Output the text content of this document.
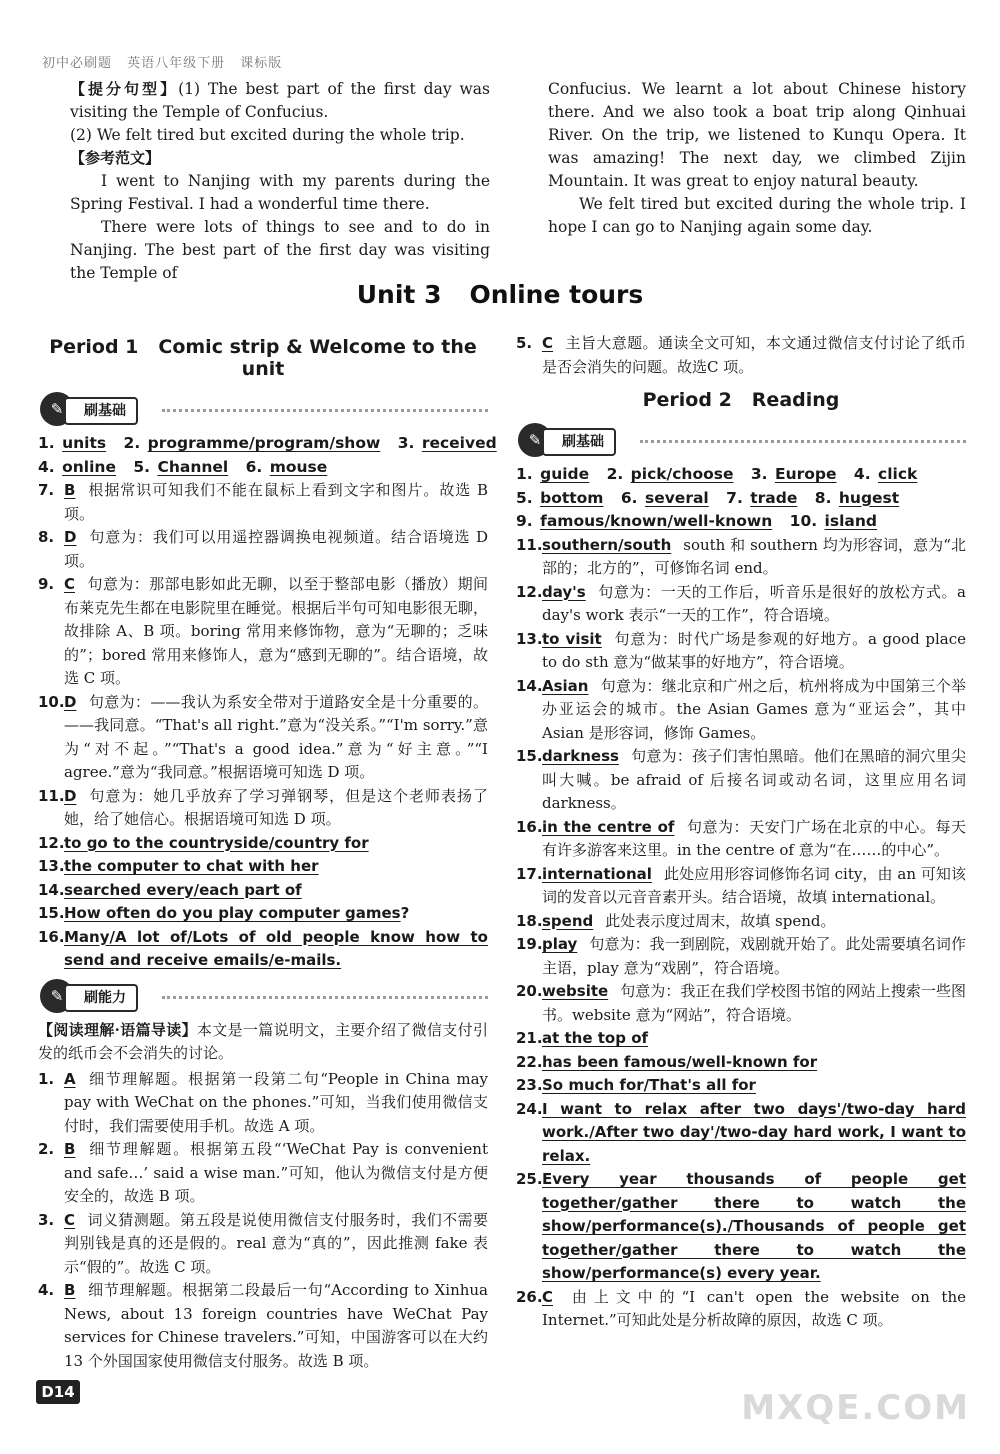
初中必刷题 英语八年级下册 课标版

【提分句型】(1) The best part of the first day was visiting the Temple of Confucius.

(2) We felt tired but excited during the whole trip.

【参考范文】

I went to Nanjing with my parents during the Spring Festival. I had a wonderful time there.

There were lots of things to see and to do in Nanjing. The best part of the first day was visiting the Temple of

Confucius. We learnt a lot about Chinese history there. And we also took a boat trip along Qinhuai River. On the trip, we listened to Kunqu Opera. It was amazing! The next day, we climbed Zijin Mountain. It was great to enjoy natural beauty.

We felt tired but excited during the whole trip. I hope I can go to Nanjing again some day.

Unit 3 Online tours
Period 1 Comic strip & Welcome to the unit
✎	刷基础
1. units 2. programme/program/show 3. received
4. online 5. Channel 6. mouse
7. B 根据常识可知我们不能在鼠标上看到文字和图片。故选 B 项。
8. D 句意为：我们可以用遥控器调换电视频道。结合语境选 D 项。
9. C 句意为：那部电影如此无聊，以至于整部电影（播放）期间布莱克先生都在电影院里在睡觉。根据后半句可知电影很无聊，故排除 A、B 项。boring 常用来修饰物，意为“无聊的；乏味的”；bored 常用来修饰人，意为“感到无聊的”。结合语境，故选 C 项。
10. D 句意为：——我认为系安全带对于道路安全是十分重要的。——我同意。“That's all right.”意为“没关系。”“I'm sorry.”意为“对不起。”“That's a good idea.”意为“好主意。”“I agree.”意为“我同意。”根据语境可知选 D 项。
11. D 句意为：她几乎放弃了学习弹钢琴，但是这个老师表扬了她，给了她信心。根据语境可知选 D 项。
12. to go to the countryside/country for
13. the computer to chat with her
14. searched every/each part of
15. How often do you play computer games?
16. Many/A lot of/Lots of old people know how to send and receive emails/e-mails.
✎	刷能力
【阅读理解·语篇导读】本文是一篇说明文，主要介绍了微信支付引发的纸币会不会消失的讨论。
1. A 细节理解题。根据第一段第二句“People in China may pay with WeChat on the phones.”可知，当我们使用微信支付时，我们需要使用手机。故选 A 项。
2. B 细节理解题。根据第五段“‘WeChat Pay is convenient and safe…’ said a wise man.”可知，他认为微信支付是方便安全的，故选 B 项。
3. C 词义猜测题。第五段是说使用微信支付服务时，我们不需要判别钱是真的还是假的。real 意为“真的”，因此推测 fake 表示“假的”。故选 C 项。
4. B 细节理解题。根据第二段最后一句“According to Xinhua News, about 13 foreign countries have WeChat Pay services for Chinese travelers.”可知，中国游客可以在大约 13 个外国国家使用微信支付服务。故选 B 项。
5. C 主旨大意题。通读全文可知，本文通过微信支付讨论了纸币是否会消失的问题。故选C 项。
Period 2 Reading
✎	刷基础
1. guide 2. pick/choose 3. Europe 4. click
5. bottom 6. several 7. trade 8. hugest
9. famous/known/well-known 10. island
11. southern/south south 和 southern 均为形容词，意为“北部的；北方的”，可修饰名词 end。
12. day's 句意为：一天的工作后，听音乐是很好的放松方式。a day's work 表示“一天的工作”，符合语境。
13. to visit 句意为：时代广场是参观的好地方。a good place to do sth 意为“做某事的好地方”，符合语境。
14. Asian 句意为：继北京和广州之后，杭州将成为中国第三个举办亚运会的城市。the Asian Games 意为“亚运会”，其中 Asian 是形容词，修饰 Games。
15. darkness 句意为：孩子们害怕黑暗。他们在黑暗的洞穴里尖叫大喊。be afraid of 后接名词或动名词，这里应用名词 darkness。
16. in the centre of 句意为：天安门广场在北京的中心。每天有许多游客来这里。in the centre of 意为“在……的中心”。
17. international 此处应用形容词修饰名词 city，由 an 可知该词的发音以元音音素开头。结合语境，故填 international。
18. spend 此处表示度过周末，故填 spend。
19. play 句意为：我一到剧院，戏剧就开始了。此处需要填名词作主语，play 意为“戏剧”，符合语境。
20. website 句意为：我正在我们学校图书馆的网站上搜索一些图书。website 意为“网站”，符合语境。
21. at the top of
22. has been famous/well-known for
23. So much for/That's all for
24. I want to relax after two days'/two-day hard work./After two day'/two-day hard work, I want to relax.
25. Every year thousands of people get together/gather there to watch the show/performance(s)./Thousands of people get together/gather there to watch the show/performance(s) every year.
26. C 由上文中的“I can't open the website on the Internet.”可知此处是分析故障的原因，故选 C 项。
D14	MXQE.COM
